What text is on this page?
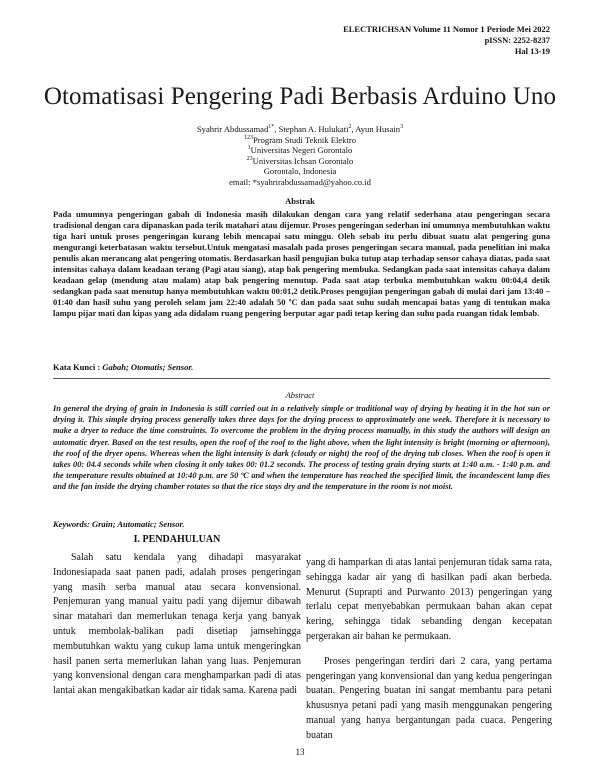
ELECTRICHSAN Volume 11 Nomor 1 Periode Mei 2022
pISSN: 2252-8237
Hal 13-19
Otomatisasi Pengering Padi Berbasis Arduino Uno
Syahrir Abdussamad$^{1*}$, Stephan A. Hulukati$^2$, Ayun Husain$^3$
$^{123}$Program Studi Teknik Elektro
$^1$Universitas Negeri Gorontalo
$^{23}$Universitas Ichsan Gorontalo
Gorontalo, Indonesia
email: *syahrirabdussamad@yahoo.co.id
Abstrak
Pada umumnya pengeringan gabah di Indonesia masih dilakukan dengan cara yang relatif sederhana atau pengeringan secara tradisional dengan cara dipanaskan pada terik matahari atau dijemur. Proses pengeringan sederhan ini umumnya membutuhkan waktu tiga hari untuk proses pengeringan kurang lebih mencapai satu minggu. Oleh sebab itu perlu dibuat suatu alat pengering guna mengurangi keterbatasan waktu tersebut.Untuk mengatasi masalah pada proses pengeringan secara manual, pada penelitian ini maka penulis akan merancang alat pengering otomatis. Berdasarkan hasil pengujian buka tutup atap terhadap sensor cahaya diatas, pada saat intensitas cahaya dalam keadaan terang (Pagi atau siang), atap bak pengering membuka. Sedangkan pada saat intensitas cahaya dalam keadaan gelap (mendung atau malam) atap bak pengering menutup. Pada saat atap terbuka membutuhkan waktu 00:04,4 detik sedangkan pada saat menutup hanya membutuhkan waktu 00:01,2 detik.Proses pengujian pengeringan gabah di mulai dari jam 13:40 – 01:40 dan hasil suhu yang peroleh selam jam 22:40 adalah 50 ºC dan pada saat suhu sudah mencapai batas yang di tentukan maka lampu pijar mati dan kipas yang ada didalam ruang pengering berputar agar padi tetap kering dan suhu pada ruangan tidak lembab.
Kata Kunci : Gabah; Otomatis; Sensor.
Abstract
In general the drying of grain in Indonesia is still carried out in a relatively simple or traditional way of drying by heating it in the hot sun or drying it. This simple drying process generally takes three days for the drying process to approximately one week. Therefore it is necessary to make a dryer to reduce the time constraints. To overcome the problem in the drying process manually, in this study the authors will design an automatic dryer. Based on the test results, open the roof of the roof to the light above, when the light intensity is bright (morning or afternoon), the roof of the dryer opens. Whereas when the light intensity is dark (cloudy or night) the roof of the drying tub closes. When the roof is open it takes 00: 04.4 seconds while when closing it only takes 00: 01.2 seconds. The process of testing grain drying starts at 1:40 a.m. - 1:40 p.m. and the temperature results obtained at 10:40 p.m. are 50 ºC and when the temperature has reached the specified limit, the incandescent lamp dies and the fan inside the drying chamber rotates so that the rice stays dry and the temperature in the room is not moist.
Keywords: Grain; Automatic; Sensor.
I. PENDAHULUAN

Salah satu kendala yang dihadapi masyarakat Indonesiapada saat panen padi, adalah proses pengeringan yang masih serba manual atau secara konvensional. Penjemuran yang manual yaitu padi yang dijemur dibawah sinar matahari dan memerlukan tenaga kerja yang banyak untuk membolak-balikan padi disetiap jamsehingga membutuhkan waktu yang cukup lama untuk mengeringkan hasil panen serta memerlukan lahan yang luas. Penjemuran yang konvensional dengan cara menghamparkan padi di atas lantai akan mengakibatkan kadar air tidak sama. Karena padi

yang di hamparkan di atas lantai penjemuran tidak sama rata, sehingga kadar air yang di hasilkan padi akan berbeda. Menurut (Suprapti and Purwanto 2013) pengeringan yang terlalu cepat menyebabkan permukaan bahan akan cepat kering, sehingga tidak sebanding dengan kecepatan pergerakan air bahan ke permukaan.

Proses pengeringan terdiri dari 2 cara, yang pertama pengeringan yang konvensional dan yang kedua pengeringan buatan. Pengering buatan ini sangat membantu para petani khususnya petani padi yang masih menggunakan pengering manual yang hanya bergantungan pada cuaca. Pengering buatan

13
